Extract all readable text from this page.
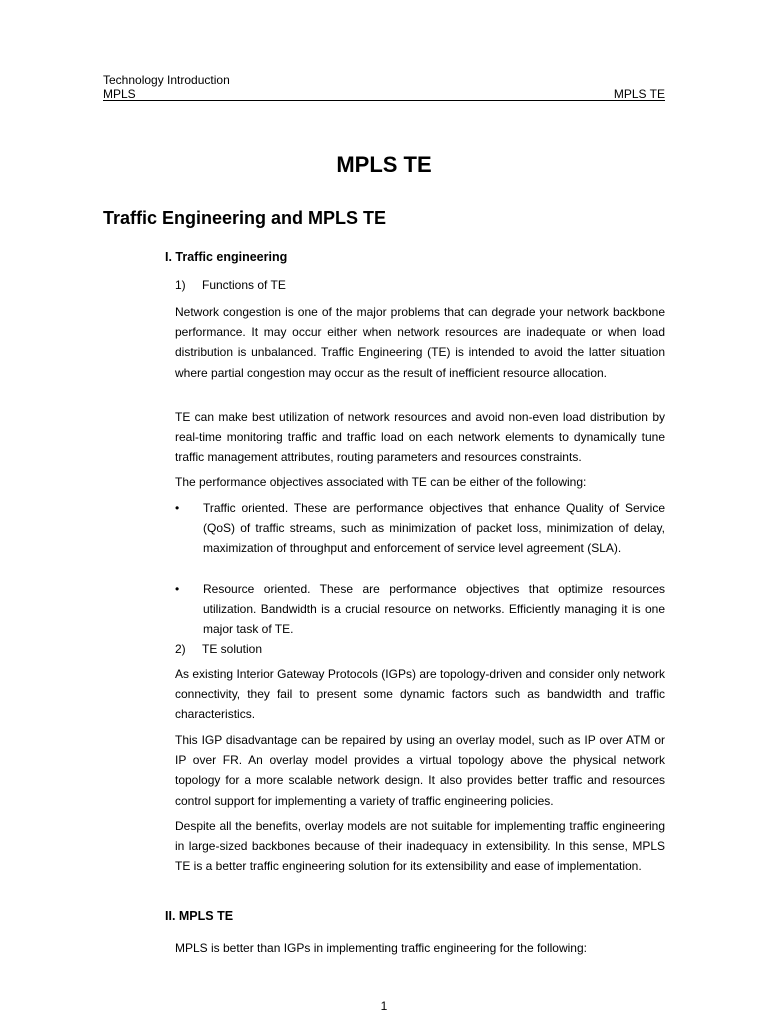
Technology Introduction
MPLS	MPLS TE
MPLS TE
Traffic Engineering and MPLS TE
I. Traffic engineering
1) Functions of TE
Network congestion is one of the major problems that can degrade your network backbone performance. It may occur either when network resources are inadequate or when load distribution is unbalanced. Traffic Engineering (TE) is intended to avoid the latter situation where partial congestion may occur as the result of inefficient resource allocation.
TE can make best utilization of network resources and avoid non-even load distribution by real-time monitoring traffic and traffic load on each network elements to dynamically tune traffic management attributes, routing parameters and resources constraints.
The performance objectives associated with TE can be either of the following:
•	Traffic oriented. These are performance objectives that enhance Quality of Service (QoS) of traffic streams, such as minimization of packet loss, minimization of delay, maximization of throughput and enforcement of service level agreement (SLA).
•	Resource oriented. These are performance objectives that optimize resources utilization. Bandwidth is a crucial resource on networks. Efficiently managing it is one major task of TE.
2) TE solution
As existing Interior Gateway Protocols (IGPs) are topology-driven and consider only network connectivity, they fail to present some dynamic factors such as bandwidth and traffic characteristics.
This IGP disadvantage can be repaired by using an overlay model, such as IP over ATM or IP over FR. An overlay model provides a virtual topology above the physical network topology for a more scalable network design. It also provides better traffic and resources control support for implementing a variety of traffic engineering policies.
Despite all the benefits, overlay models are not suitable for implementing traffic engineering in large-sized backbones because of their inadequacy in extensibility. In this sense, MPLS TE is a better traffic engineering solution for its extensibility and ease of implementation.
II. MPLS TE
MPLS is better than IGPs in implementing traffic engineering for the following:
1
